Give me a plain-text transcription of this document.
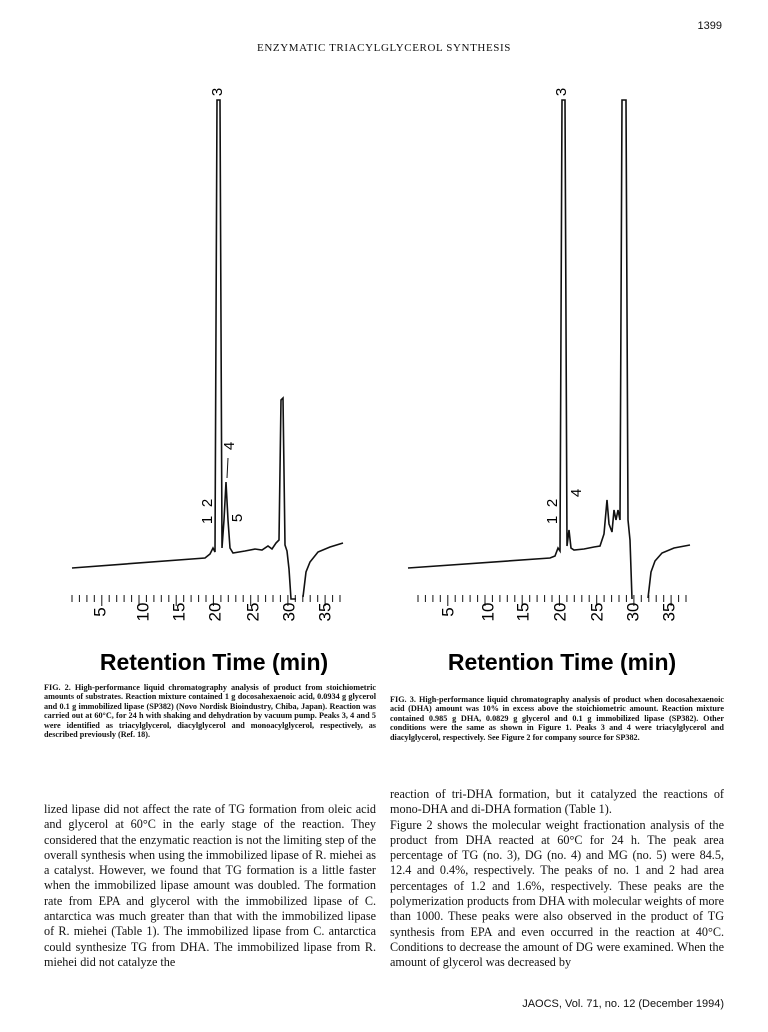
1399
ENZYMATIC TRIACYLGLYCEROL SYNTHESIS
5 10 15 20 25 30 35
3
4
1
2
5
Retention Time (min)
5 10 15 20 25 30 35
3
4
1
2
Retention Time (min)
FIG. 2. High-performance liquid chromatography analysis of product from stoichiometric amounts of substrates. Reaction mixture contained 1 g docosahexaenoic acid, 0.0934 g glycerol and 0.1 g immobilized lipase (SP382) (Novo Nordisk Bioindustry, Chiba, Japan). Reaction was carried out at 60°C, for 24 h with shaking and dehydration by vacuum pump. Peaks 3, 4 and 5 were identified as triacylglycerol, diacylglycerol and monoacylglycerol, respectively, as described previously (Ref. 18).
FIG. 3. High-performance liquid chromatography analysis of product when docosahexaenoic acid (DHA) amount was 10% in excess above the stoichiometric amount. Reaction mixture contained 0.985 g DHA, 0.0829 g glycerol and 0.1 g immobilized lipase (SP382). Other conditions were the same as shown in Figure 1. Peaks 3 and 4 were triacylglycerol and diacylglycerol, respectively. See Figure 2 for company source for SP382.
lized lipase did not affect the rate of TG formation from oleic acid and glycerol at 60°C in the early stage of the reaction. They considered that the enzymatic reaction is not the limiting step of the overall synthesis when using the immobilized lipase of R. miehei as a catalyst. However, we found that TG formation is a little faster when the immobilized lipase amount was doubled. The formation rate from EPA and glycerol with the immobilized lipase of C. antarctica was much greater than that with the immobilized lipase of R. miehei (Table 1). The immobilized lipase from C. antarctica could synthesize TG from DHA. The immobilized lipase from R. miehei did not catalyze the
reaction of tri-DHA formation, but it catalyzed the reactions of mono-DHA and di-DHA formation (Table 1).
Figure 2 shows the molecular weight fractionation analysis of the product from DHA reacted at 60°C for 24 h. The peak area percentage of TG (no. 3), DG (no. 4) and MG (no. 5) were 84.5, 12.4 and 0.4%, respectively. The peaks of no. 1 and 2 had area percentages of 1.2 and 1.6%, respectively. These peaks are the polymerization products from DHA with molecular weights of more than 1000. These peaks were also observed in the product of TG synthesis from EPA and even occurred in the reaction at 40°C. Conditions to decrease the amount of DG were examined. When the amount of glycerol was decreased by
JAOCS, Vol. 71, no. 12 (December 1994)
